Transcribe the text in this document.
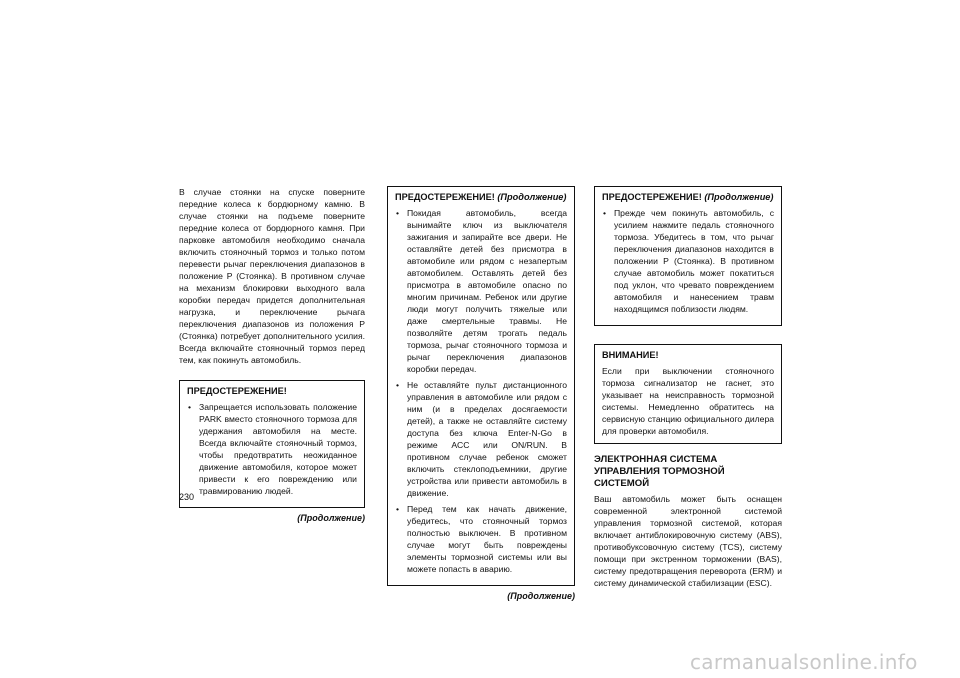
В случае стоянки на спуске поверните передние колеса к бордюрному камню. В случае стоянки на подъеме поверните передние колеса от бордюрного камня. При парковке автомобиля необходимо сначала включить стояночный тормоз и только потом перевести рычаг переключения диапазонов в положение P (Стоянка). В противном случае на механизм блокировки выходного вала коробки передач придется дополнительная нагрузка, и переключение рычага переключения диапазонов из положения P (Стоянка) потребует дополнительного усилия. Всегда включайте стояночный тормоз перед тем, как покинуть автомобиль.
ПРЕДОСТЕРЕЖЕНИЕ!
• Запрещается использовать положение PARK вместо стояночного тормоза для удержания автомобиля на месте. Всегда включайте стояночный тормоз, чтобы предотвратить неожиданное движение автомобиля, которое может привести к его повреждению или травмированию людей.
(Продолжение)
ПРЕДОСТЕРЕЖЕНИЕ! (Продолжение)
• Покидая автомобиль, всегда вынимайте ключ из выключателя зажигания и запирайте все двери. Не оставляйте детей без присмотра в автомобиле или рядом с незапертым автомобилем. Оставлять детей без присмотра в автомобиле опасно по многим причинам. Ребенок или другие люди могут получить тяжелые или даже смертельные травмы. Не позволяйте детям трогать педаль тормоза, рычаг стояночного тормоза и рычаг переключения диапазонов коробки передач.
• Не оставляйте пульт дистанционного управления в автомобиле или рядом с ним (и в пределах досягаемости детей), а также не оставляйте систему доступа без ключа Enter-N-Go в режиме ACC или ON/RUN. В противном случае ребенок сможет включить стеклоподъемники, другие устройства или привести автомобиль в движение.
• Перед тем как начать движение, убедитесь, что стояночный тормоз полностью выключен. В противном случае могут быть повреждены элементы тормозной системы или вы можете попасть в аварию.
(Продолжение)
ПРЕДОСТЕРЕЖЕНИЕ! (Продолжение)
• Прежде чем покинуть автомобиль, с усилием нажмите педаль стояночного тормоза. Убедитесь в том, что рычаг переключения диапазонов находится в положении P (Стоянка). В противном случае автомобиль может покатиться под уклон, что чревато повреждением автомобиля и нанесением травм находящимся поблизости людям.
ВНИМАНИЕ!
Если при выключении стояночного тормоза сигнализатор не гаснет, это указывает на неисправность тормозной системы. Немедленно обратитесь на сервисную станцию официального дилера для проверки автомобиля.
ЭЛЕКТРОННАЯ СИСТЕМА УПРАВЛЕНИЯ ТОРМОЗНОЙ СИСТЕМОЙ
Ваш автомобиль может быть оснащен современной электронной системой управления тормозной системой, которая включает антиблокировочную систему (ABS), противобуксовочную систему (TCS), систему помощи при экстренном торможении (BAS), систему предотвращения переворота (ERM) и систему динамической стабилизации (ESC).
230
carmanualsonline.info
